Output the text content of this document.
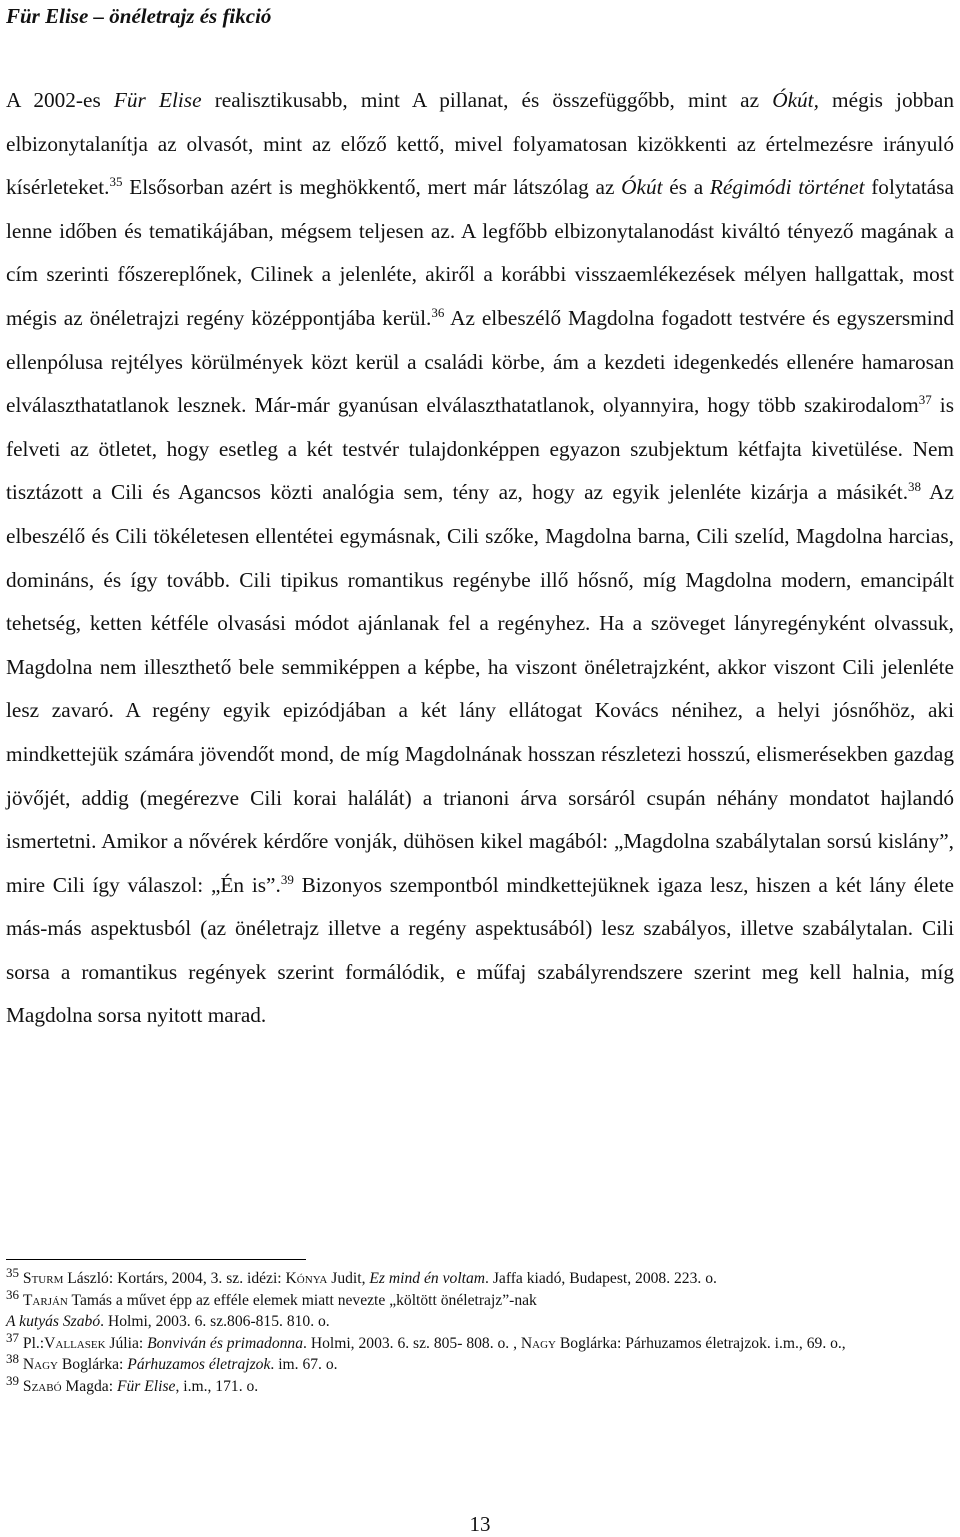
Für Elise – önéletrajz és fikció

A 2002-es Für Elise realisztikusabb, mint A pillanat, és összefüggőbb, mint az Ókút, mégis jobban elbizonytalanítja az olvasót, mint az előző kettő, mivel folyamatosan kizökkenti az értelmezésre irányuló kísérleteket.$^{35}$ Elsősorban azért is meghökkentő, mert már látszólag az Ókút és a Régimódi történet folytatása lenne időben és tematikájában, mégsem teljesen az. A legfőbb elbizonytalanodást kiváltó tényező magának a cím szerinti főszereplőnek, Cilinek a jelenléte, akiről a korábbi visszaemlékezések mélyen hallgattak, most mégis az önéletrajzi regény középpontjába kerül.$^{36}$ Az elbeszélő Magdolna fogadott testvére és egyszersmind ellenpólusa rejtélyes körülmények közt kerül a családi körbe, ám a kezdeti idegenkedés ellenére hamarosan elválaszthatatlanok lesznek. Már-már gyanúsan elválaszthatatlanok, olyannyira, hogy több szakirodalom$^{37}$ is felveti az ötletet, hogy esetleg a két testvér tulajdonképpen egyazon szubjektum kétfajta kivetülése. Nem tisztázott a Cili és Agancsos közti analógia sem, tény az, hogy az egyik jelenléte kizárja a másikét.$^{38}$ Az elbeszélő és Cili tökéletesen ellentétei egymásnak, Cili szőke, Magdolna barna, Cili szelíd, Magdolna harcias, domináns, és így tovább. Cili tipikus romantikus regénybe illő hősnő, míg Magdolna modern, emancipált tehetség, ketten kétféle olvasási módot ajánlanak fel a regényhez. Ha a szöveget lányregényként olvassuk, Magdolna nem illeszthető bele semmiképpen a képbe, ha viszont önéletrajzként, akkor viszont Cili jelenléte lesz zavaró. A regény egyik epizódjában a két lány ellátogat Kovács nénihez, a helyi jósnőhöz, aki mindkettejük számára jövendőt mond, de míg Magdolnának hosszan részletezi hosszú, elismerésekben gazdag jövőjét, addig (megérezve Cili korai halálát) a trianoni árva sorsáról csupán néhány mondatot hajlandó ismertetni. Amikor a nővérek kérdőre vonják, dühösen kikel magából: „Magdolna szabálytalan sorsú kislány”, mire Cili így válaszol: „Én is”.$^{39}$ Bizonyos szempontból mindkettejüknek igaza lesz, hiszen a két lány élete más-más aspektusból (az önéletrajz illetve a regény aspektusából) lesz szabályos, illetve szabálytalan. Cili sorsa a romantikus regények szerint formálódik, e műfaj szabályrendszere szerint meg kell halnia, míg Magdolna sorsa nyitott marad.

$^{35}$ Sturm László: Kortárs, 2004, 3. sz. idézi: Kónya Judit, Ez mind én voltam. Jaffa kiadó, Budapest, 2008. 223. o.
$^{36}$ Tarján Tamás a művet épp az efféle elemek miatt nevezte „költött önéletrajz”-nak
A kutyás Szabó. Holmi, 2003. 6. sz.806-815. 810. o.
$^{37}$ Pl.:Vallasek Júlia: Bonviván és primadonna. Holmi, 2003. 6. sz. 805- 808. o. , Nagy Boglárka: Párhuzamos életrajzok. i.m., 69. o.,
$^{38}$ Nagy Boglárka: Párhuzamos életrajzok. im. 67. o.
$^{39}$ Szabó Magda: Für Elise, i.m., 171. o.
13
